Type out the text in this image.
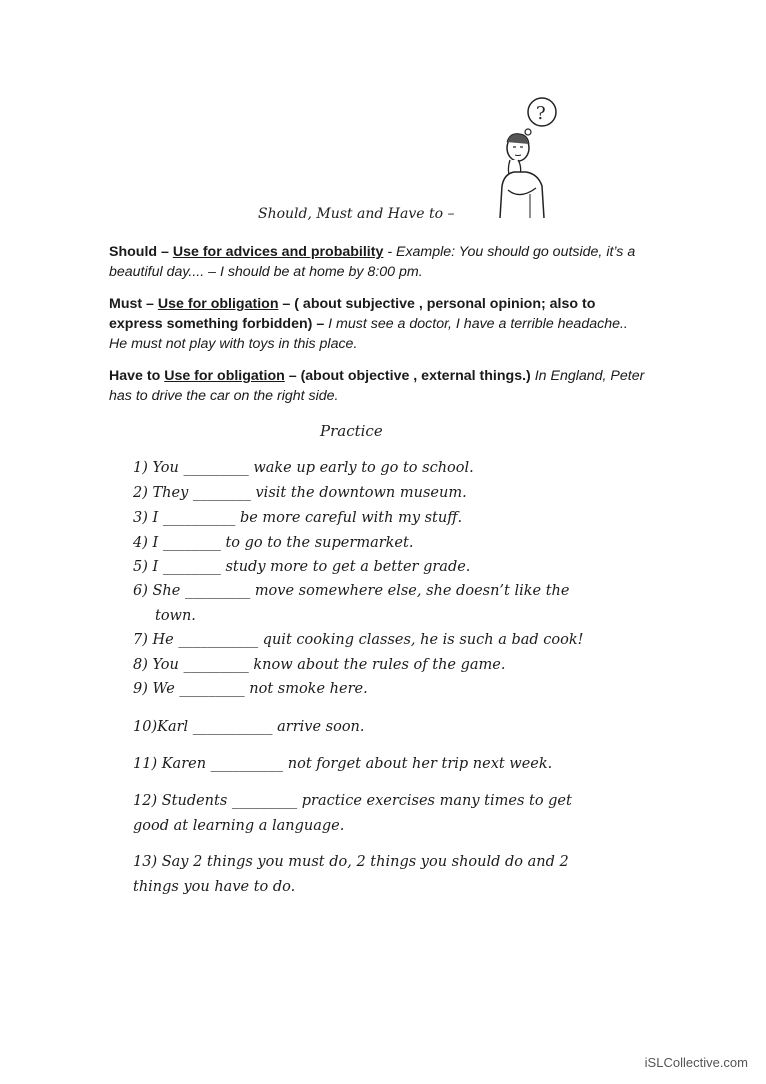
?
Should, Must and Have to –
Should – Use for advices and probability - Example: You should go outside, it’s a beautiful day.... – I should be at home by 8:00 pm.
Must – Use for obligation – ( about subjective , personal opinion; also to express something forbidden) – I must see a doctor, I have a terrible headache.. He must not play with toys in this place.
Have to Use for obligation – (about objective , external things.) In England, Peter has to drive the car on the right side.
Practice
1) You _________ wake up early to go to school.
2) They ________ visit the downtown museum.
3) I __________ be more careful with my stuff.
4) I ________ to go to the supermarket.
5) I ________ study more to get a better grade.
6) She _________ move somewhere else, she doesn’t like the
town.
7) He ___________ quit cooking classes, he is such a bad cook!
8) You _________ know about the rules of the game.
9) We _________ not smoke here.
10)Karl ___________ arrive soon.
11) Karen __________ not forget about her trip next week.
12) Students _________ practice exercises many times to get
good at learning a language.
13) Say 2 things you must do, 2 things you should do and 2
things you have to do.
iSLCollective.com
